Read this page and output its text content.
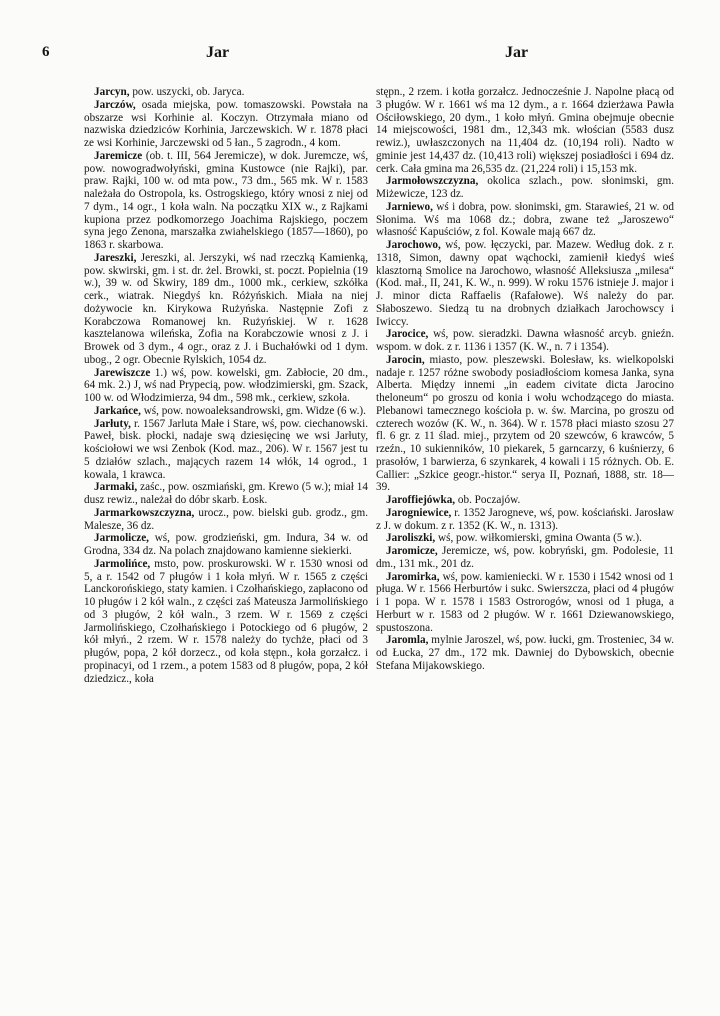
6	Jar	Jar

Jarcyn, pow. uszycki, ob. Jaryca.

Jarczów, osada miejska, pow. tomaszowski. Powstała na obszarze wsi Korhinie al. Koczyn. Otrzymała miano od nazwiska dziedziców Korhinia, Jarczewskich. W r. 1878 płaci ze wsi Korhinie, Jarczewski od 5 łan., 5 zagrodn., 4 kom.

Jaremicze (ob. t. III, 564 Jeremicze), w dok. Juremcze, wś, pow. nowogradwołyński, gmina Kustowce (nie Rajki), par. praw. Rajki, 100 w. od mta pow., 73 dm., 565 mk. W r. 1583 należała do Ostropola, ks. Ostrogskiego, który wnosi z niej od 7 dym., 14 ogr., 1 koła waln. Na początku XIX w., z Rajkami kupiona przez podkomorzego Joachima Rajskiego, poczem syna jego Zenona, marszałka zwiahelskiego (1857—1860), po 1863 r. skarbowa.

Jareszki, Jereszki, al. Jerszyki, wś nad rzeczką Kamienką, pow. skwirski, gm. i st. dr. żel. Browki, st. poczt. Popielnia (19 w.), 39 w. od Skwiry, 189 dm., 1000 mk., cerkiew, szkółka cerk., wiatrak. Niegdyś kn. Różyńskich. Miała na niej dożywocie kn. Kirykowa Rużyńska. Następnie Zofi z Korabczowa Romanowej kn. Rużyńskiej. W r. 1628 kasztelanowa wileńska, Zofia na Korabczowie wnosi z J. i Browek od 3 dym., 4 ogr., oraz z J. i Buchałówki od 1 dym. ubog., 2 ogr. Obecnie Rylskich, 1054 dz.

Jarewiszcze 1.) wś, pow. kowelski, gm. Zabłocie, 20 dm., 64 mk. 2.) J, wś nad Prypecią, pow. włodzimierski, gm. Szack, 100 w. od Włodzimierza, 94 dm., 598 mk., cerkiew, szkoła.

Jarkańce, wś, pow. nowoaleksandrowski, gm. Widze (6 w.).

Jarłuty, r. 1567 Jarluta Małe i Stare, wś, pow. ciechanowski. Paweł, bisk. płocki, nadaje swą dziesięcinę we wsi Jarłuty, kościołowi we wsi Zenbok (Kod. maz., 206). W r. 1567 jest tu 5 działów szlach., mających razem 14 włók, 14 ogrod., 1 kowala, 1 krawca.

Jarmaki, zaśc., pow. oszmiański, gm. Krewo (5 w.); miał 14 dusz rewiz., należał do dóbr skarb. Łosk.

Jarmarkowszczyzna, urocz., pow. bielski gub. grodz., gm. Malesze, 36 dz.

Jarmolicze, wś, pow. grodzieński, gm. Indura, 34 w. od Grodna, 334 dz. Na polach znajdowano kamienne siekierki.

Jarmolińce, msto, pow. proskurowski. W r. 1530 wnosi od 5, a r. 1542 od 7 pługów i 1 koła młyń. W r. 1565 z części Lanckorońskiego, staty kamien. i Czołhańskiego, zapłacono od 10 pługów i 2 kół waln., z części zaś Mateusza Jarmolińskiego od 3 pługów, 2 kół waln., 3 rzem. W r. 1569 z części Jarmolińskiego, Czołhańskiego i Potockiego od 6 pługów, 2 kół młyń., 2 rzem. W r. 1578 należy do tychże, płaci od 3 pługów, popa, 2 kół dorzecz., od koła stępn., koła gorzałcz. i propinacyi, od 1 rzem., a potem 1583 od 8 pługów, popa, 2 kół dziedzicz., koła

stępn., 2 rzem. i kotła gorzałcz. Jednocześnie J. Napolne płacą od 3 pługów. W r. 1661 wś ma 12 dym., a r. 1664 dzierżawa Pawła Ościłowskiego, 20 dym., 1 koło młyń. Gmina obejmuje obecnie 14 miejscowości, 1981 dm., 12,343 mk. włościan (5583 dusz rewiz.), uwłaszczonych na 11,404 dz. (10,194 roli). Nadto w gminie jest 14,437 dz. (10,413 roli) większej posiadłości i 694 dz. cerk. Cała gmina ma 26,535 dz. (21,224 roli) i 15,153 mk.

Jarmołowszczyzna, okolica szlach., pow. słonimski, gm. Miżewicze, 123 dz.

Jarniewo, wś i dobra, pow. słonimski, gm. Starawieś, 21 w. od Słonima. Wś ma 1068 dz.; dobra, zwane też „Jaroszewo“ własność Kapuściów, z fol. Kowale mają 667 dz.

Jarochowo, wś, pow. łęczycki, par. Mazew. Według dok. z r. 1318, Simon, dawny opat wąchocki, zamienił kiedyś wieś klasztorną Smolice na Jarochowo, własność Alleksiusza „milesa“ (Kod. mał., II, 241, K. W., n. 999). W roku 1576 istnieje J. major i J. minor dicta Raffaelis (Rafałowe). Wś należy do par. Słaboszewo. Siedzą tu na drobnych działkach Jarochowscy i Iwiccy.

Jarocice, wś, pow. sieradzki. Dawna własność arcyb. gnieźn. wspom. w dok. z r. 1136 i 1357 (K. W., n. 7 i 1354).

Jarocin, miasto, pow. pleszewski. Bolesław, ks. wielkopolski nadaje r. 1257 różne swobody posiadłościom komesa Janka, syna Alberta. Między innemi „in eadem civitate dicta Jarocino theloneum“ po groszu od konia i wołu wchodzącego do miasta. Plebanowi tamecznego kościoła p. w. św. Marcina, po groszu od czterech wozów (K. W., n. 364). W r. 1578 płaci miasto szosu 27 fl. 6 gr. z 11 ślad. miej., przytem od 20 szewców, 6 krawców, 5 rzeźn., 10 sukienników, 10 piekarek, 5 garncarzy, 6 kuśnierzy, 6 prasołów, 1 barwierza, 6 szynkarek, 4 kowali i 15 różnych. Ob. E. Callier: „Szkice geogr.-histor.“ serya II, Poznań, 1888, str. 18—39.

Jaroffiejówka, ob. Poczajów.

Jarogniewice, r. 1352 Jarogneve, wś, pow. kościański. Jarosław z J. w dokum. z r. 1352 (K. W., n. 1313).

Jaroliszki, wś, pow. wiłkomierski, gmina Owanta (5 w.).

Jaromicze, Jeremicze, wś, pow. kobryński, gm. Podolesie, 11 dm., 131 mk., 201 dz.

Jaromirka, wś, pow. kamieniecki. W r. 1530 i 1542 wnosi od 1 pługa. W r. 1566 Herburtów i sukc. Swierszcza, płaci od 4 pługów i 1 popa. W r. 1578 i 1583 Ostrorogów, wnosi od 1 pługa, a Herburt w r. 1583 od 2 pługów. W r. 1661 Dziewanowskiego, spustoszona.

Jaromla, mylnie Jaroszel, wś, pow. łucki, gm. Trosteniec, 34 w. od Łucka, 27 dm., 172 mk. Dawniej do Dybowskich, obecnie Stefana Mijakowskiego.
